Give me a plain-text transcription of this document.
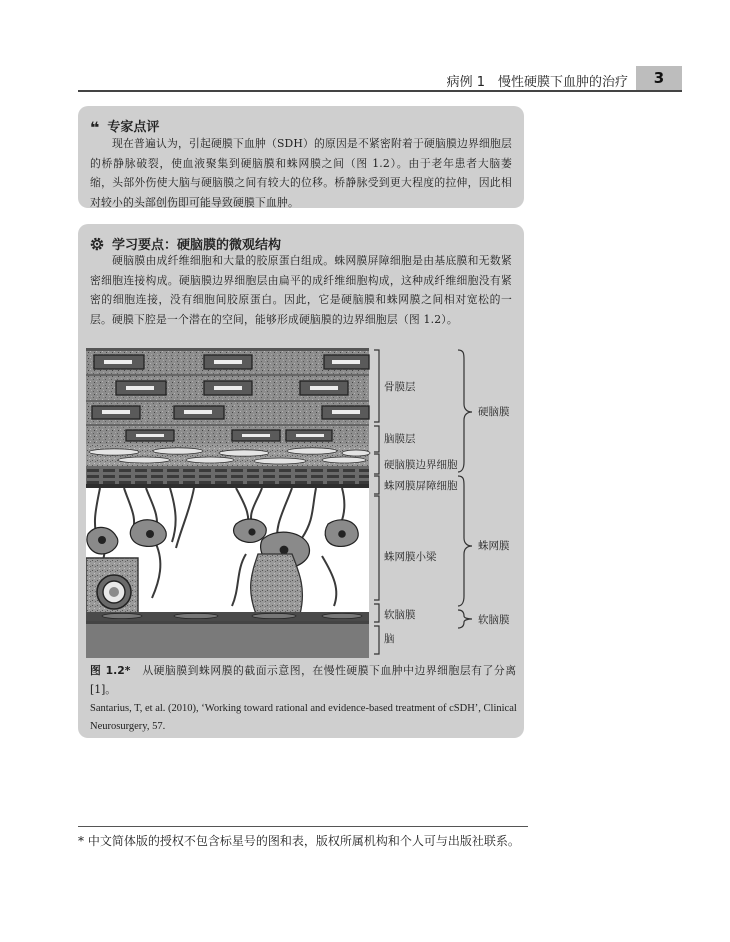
病例 1　慢性硬膜下血肿的治疗	3
❝ 专家点评
现在普遍认为，引起硬膜下血肿（SDH）的原因是不紧密附着于硬脑膜边界细胞层的桥静脉破裂，使血液聚集到硬脑膜和蛛网膜之间（图 1.2）。由于老年患者大脑萎缩，头部外伤使大脑与硬脑膜之间有较大的位移。桥静脉受到更大程度的拉伸，因此相对较小的头部创伤即可能导致硬膜下血肿。
学习要点：硬脑膜的微观结构
硬脑膜由成纤维细胞和大量的胶原蛋白组成。蛛网膜屏障细胞是由基底膜和无数紧密细胞连接构成。硬脑膜边界细胞层由扁平的成纤维细胞构成，这种成纤维细胞没有紧密的细胞连接，没有细胞间胶原蛋白。因此，它是硬脑膜和蛛网膜之间相对宽松的一层。硬膜下腔是一个潜在的空间，能够形成硬脑膜的边界细胞层（图 1.2）。
骨膜层
脑膜层
硬脑膜边界细胞
蛛网膜屏障细胞
蛛网膜小梁
软脑膜
脑
硬脑膜
蛛网膜
软脑膜
图 1.2*　 从硬脑膜到蛛网膜的截面示意图，在慢性硬膜下血肿中边界细胞层有了分离 [1]。
Santarius, T, et al. (2010), ‘Working toward rational and evidence-based treatment of cSDH’, Clinical Neurosurgery, 57.
* 中文简体版的授权不包含标星号的图和表，版权所属机构和个人可与出版社联系。
